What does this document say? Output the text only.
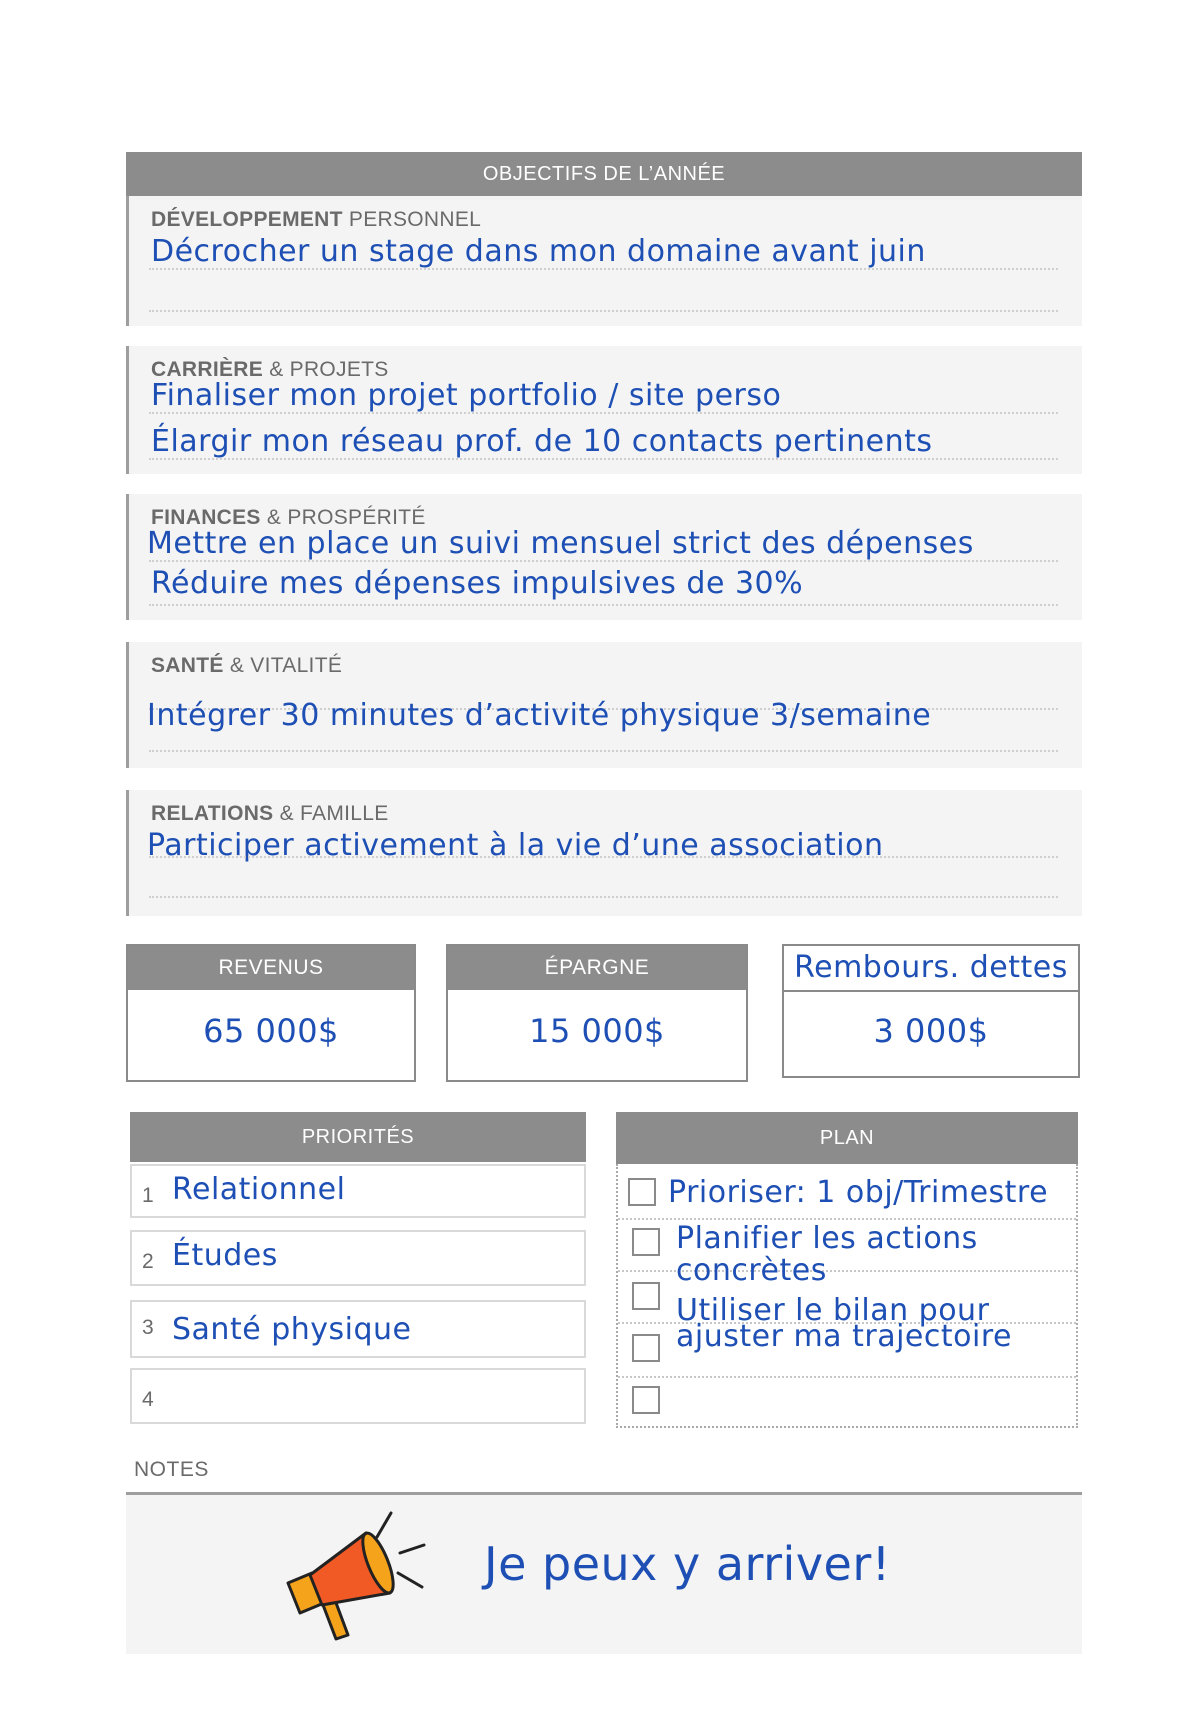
OBJECTIFS DE L’ANNÉE
DÉVELOPPEMENT PERSONNEL
Décrocher un stage dans mon domaine avant juin
CARRIÈRE & PROJETS
Finaliser mon projet portfolio / site perso
Élargir mon réseau prof. de 10 contacts pertinents
FINANCES & PROSPÉRITÉ
Mettre en place un suivi mensuel strict des dépenses
Réduire mes dépenses impulsives de 30%
SANTÉ & VITALITÉ
Intégrer 30 minutes d’activité physique 3/semaine
RELATIONS & FAMILLE
Participer activement à la vie d’une association
REVENUS
65 000$
ÉPARGNE
15 000$
Rembours. dettes
3 000$
PRIORITÉS
1 Relationnel
2 Études
3 Santé physique
4
PLAN
Prioriser: 1 obj/Trimestre
Planifier les actions
concrètes
Utiliser le bilan pour
ajuster ma trajectoire
NOTES
Je peux y arriver!
